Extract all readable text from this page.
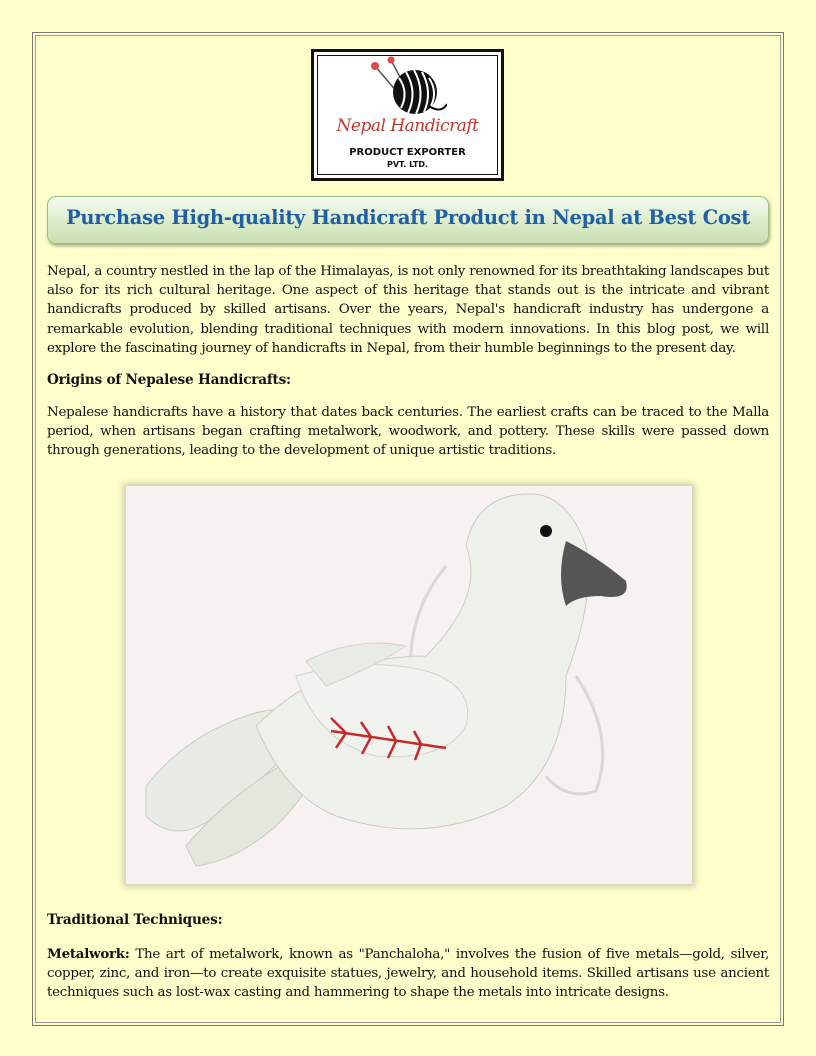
Nepal Handicraft
PRODUCT EXPORTER
PVT. LTD.
Purchase High-quality Handicraft Product in Nepal at Best Cost

Nepal, a country nestled in the lap of the Himalayas, is not only renowned for its breathtaking landscapes but also for its rich cultural heritage. One aspect of this heritage that stands out is the intricate and vibrant handicrafts produced by skilled artisans. Over the years, Nepal's handicraft industry has undergone a remarkable evolution, blending traditional techniques with modern innovations. In this blog post, we will explore the fascinating journey of handicrafts in Nepal, from their humble beginnings to the present day.

Origins of Nepalese Handicrafts:

Nepalese handicrafts have a history that dates back centuries. The earliest crafts can be traced to the Malla period, when artisans began crafting metalwork, woodwork, and pottery. These skills were passed down through generations, leading to the development of unique artistic traditions.

Traditional Techniques:

Metalwork: The art of metalwork, known as "Panchaloha," involves the fusion of five metals—gold, silver, copper, zinc, and iron—to create exquisite statues, jewelry, and household items. Skilled artisans use ancient techniques such as lost-wax casting and hammering to shape the metals into intricate designs.
